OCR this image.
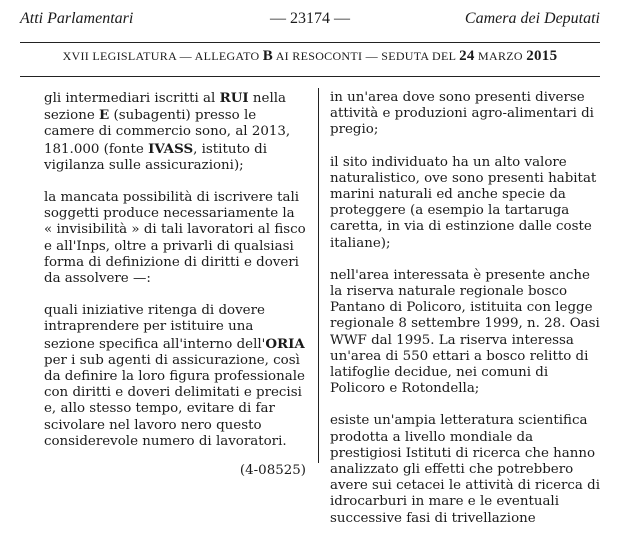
Atti Parlamentari	— 23174 —	Camera dei Deputati
XVII LEGISLATURA — ALLEGATO B AI RESOCONTI — SEDUTA DEL 24 MARZO 2015

gli intermediari iscritti al RUI nella sezione E (subagenti) presso le camere di commercio sono, al 2013, 181.000 (fonte IVASS, istituto di vigilanza sulle assicurazioni);

la mancata possibilità di iscrivere tali soggetti produce necessariamente la « invisibilità » di tali lavoratori al fisco e all'Inps, oltre a privarli di qualsiasi forma di definizione di diritti e doveri da assolvere —:

quali iniziative ritenga di dovere intraprendere per istituire una sezione specifica all'interno dell'ORIA per i sub agenti di assicurazione, così da definire la loro figura professionale con diritti e doveri delimitati e precisi e, allo stesso tempo, evitare di far scivolare nel lavoro nero questo considerevole numero di lavoratori.

(4-08525)

in un'area dove sono presenti diverse attività e produzioni agro-alimentari di pregio;

il sito individuato ha un alto valore naturalistico, ove sono presenti habitat marini naturali ed anche specie da proteggere (a esempio la tartaruga caretta, in via di estinzione dalle coste italiane);

nell'area interessata è presente anche la riserva naturale regionale bosco Pantano di Policoro, istituita con legge regionale 8 settembre 1999, n. 28. Oasi WWF dal 1995. La riserva interessa un'area di 550 ettari a bosco relitto di latifoglie decidue, nei comuni di Policoro e Rotondella;

esiste un'ampia letteratura scientifica prodotta a livello mondiale da prestigiosi Istituti di ricerca che hanno analizzato gli effetti che potrebbero avere sui cetacei le attività di ricerca di idrocarburi in mare e le eventuali successive fasi di trivellazione
